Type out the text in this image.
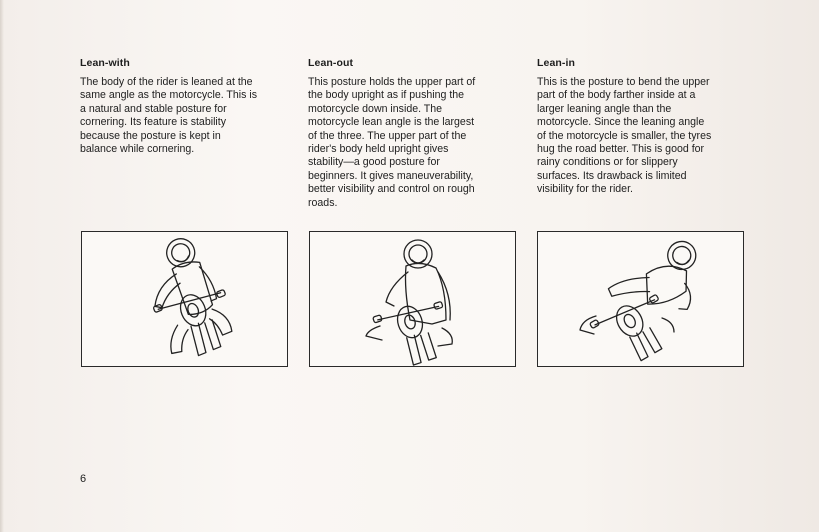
Lean-with

The body of the rider is leaned at the
same angle as the motorcycle. This is
a natural and stable posture for
cornering. Its feature is stability
because the posture is kept in
balance while cornering.

Lean-out

This posture holds the upper part of
the body upright as if pushing the
motorcycle down inside. The
motorcycle lean angle is the largest
of the three. The upper part of the
rider's body held upright gives
stability—a good posture for
beginners. It gives maneuverability,
better visibility and control on rough
roads.

Lean-in

This is the posture to bend the upper
part of the body farther inside at a
larger leaning angle than the
motorcycle. Since the leaning angle
of the motorcycle is smaller, the tyres
hug the road better. This is good for
rainy conditions or for slippery
surfaces. Its drawback is limited
visibility for the rider.

6
